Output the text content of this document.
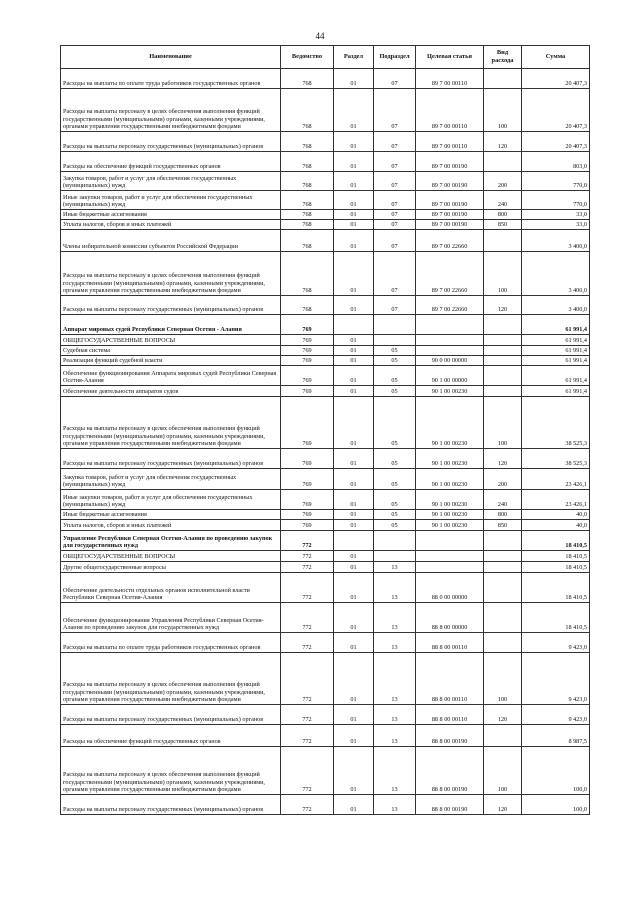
44
Наименование	Ведомство	Раздел	Подраздел	Целевая статья	Вид расхода	Сумма
Расходы на выплаты по оплате труда работников государственных органов	768	01	07	89 7 00 00110		20 407,3
Расходы на выплаты персоналу в целях обеспечения выполнения функций государственными (муниципальными) органами, казенными учреждениями, органами управления государственными внебюджетными фондами	768	01	07	89 7 00 00110	100	20 407,3
Расходы на выплаты персоналу государственных (муниципальных) органов	768	01	07	89 7 00 00110	120	20 407,3
Расходы на обеспечение функций государственных органов	768	01	07	89 7 00 00190		803,0
Закупка товаров, работ и услуг для обеспечения государственных (муниципальных) нужд	768	01	07	89 7 00 00190	200	770,0
Иные закупки товаров, работ и услуг для обеспечения государственных (муниципальных) нужд	768	01	07	89 7 00 00190	240	770,0
Иные бюджетные ассигнования	768	01	07	89 7 00 00190	800	33,0
Уплата налогов, сборов и иных платежей	768	01	07	89 7 00 00190	850	33,0
Члены избирательной комиссии субъектов Российской Федерации	768	01	07	89 7 00 22660		3 400,0
Расходы на выплаты персоналу в целях обеспечения выполнения функций государственными (муниципальными) органами, казенными учреждениями, органами управления государственными внебюджетными фондами	768	01	07	89 7 00 22660	100	3 400,0
Расходы на выплаты персоналу государственных (муниципальных) органов	768	01	07	89 7 00 22660	120	3 400,0
Аппарат мировых судей Республики Северная Осетия - Алания	769					61 991,4
ОБЩЕГОСУДАРСТВЕННЫЕ ВОПРОСЫ	769	01				61 991,4
Судебная система	769	01	05			61 991,4
Реализация функций судебной власти	769	01	05	90 0 00 00000		61 991,4
Обеспечение функционирования Аппарата мировых судей Республики Северная Осетия-Алания	769	01	05	90 1 00 00000		61 991,4
Обеспечение деятельности аппаратов судов	769	01	05	90 1 00 00230		61 991,4
Расходы на выплаты персоналу в целях обеспечения выполнения функций государственными (муниципальными) органами, казенными учреждениями, органами управления государственными внебюджетными фондами	769	01	05	90 1 00 00230	100	38 525,3
Расходы на выплаты персоналу государственных (муниципальных) органов	769	01	05	90 1 00 00230	120	38 525,3
Закупка товаров, работ и услуг для обеспечения государственных (муниципальных) нужд	769	01	05	90 1 00 00230	200	23 426,1
Иные закупки товаров, работ и услуг для обеспечения государственных (муниципальных) нужд	769	01	05	90 1 00 00230	240	23 426,1
Иные бюджетные ассигнования	769	01	05	90 1 00 00230	800	40,0
Уплата налогов, сборов и иных платежей	769	01	05	90 1 00 00230	850	40,0
Управление Республики Северная Осетия-Алания по проведению закупок для государственных нужд	772					18 410,5
ОБЩЕГОСУДАРСТВЕННЫЕ ВОПРОСЫ	772	01				18 410,5
Другие общегосударственные вопросы	772	01	13			18 410,5
Обеспечение деятельности отдельных органов исполнительной власти Республики Северная Осетия-Алания	772	01	13	88 0 00 00000		18 410,5
Обеспечение функционирования Управления Республики Северная Осетия-Алания по проведению закупок для государственных нужд	772	01	13	88 8 00 00000		18 410,5
Расходы на выплаты по оплате труда работников государственных органов	772	01	13	88 8 00 00110		9 423,0
Расходы на выплаты персоналу в целях обеспечения выполнения функций государственными (муниципальными) органами, казенными учреждениями, органами управления государственными внебюджетными фондами	772	01	13	88 8 00 00110	100	9 423,0
Расходы на выплаты персоналу государственных (муниципальных) органов	772	01	13	88 8 00 00110	120	9 423,0
Расходы на обеспечение функций государственных органов	772	01	13	88 8 00 00190		8 987,5
Расходы на выплаты персоналу в целях обеспечения выполнения функций государственными (муниципальными) органами, казенными учреждениями, органами управления государственными внебюджетными фондами	772	01	13	88 8 00 00190	100	100,0
Расходы на выплаты персоналу государственных (муниципальных) органов	772	01	13	88 8 00 00190	120	100,0
